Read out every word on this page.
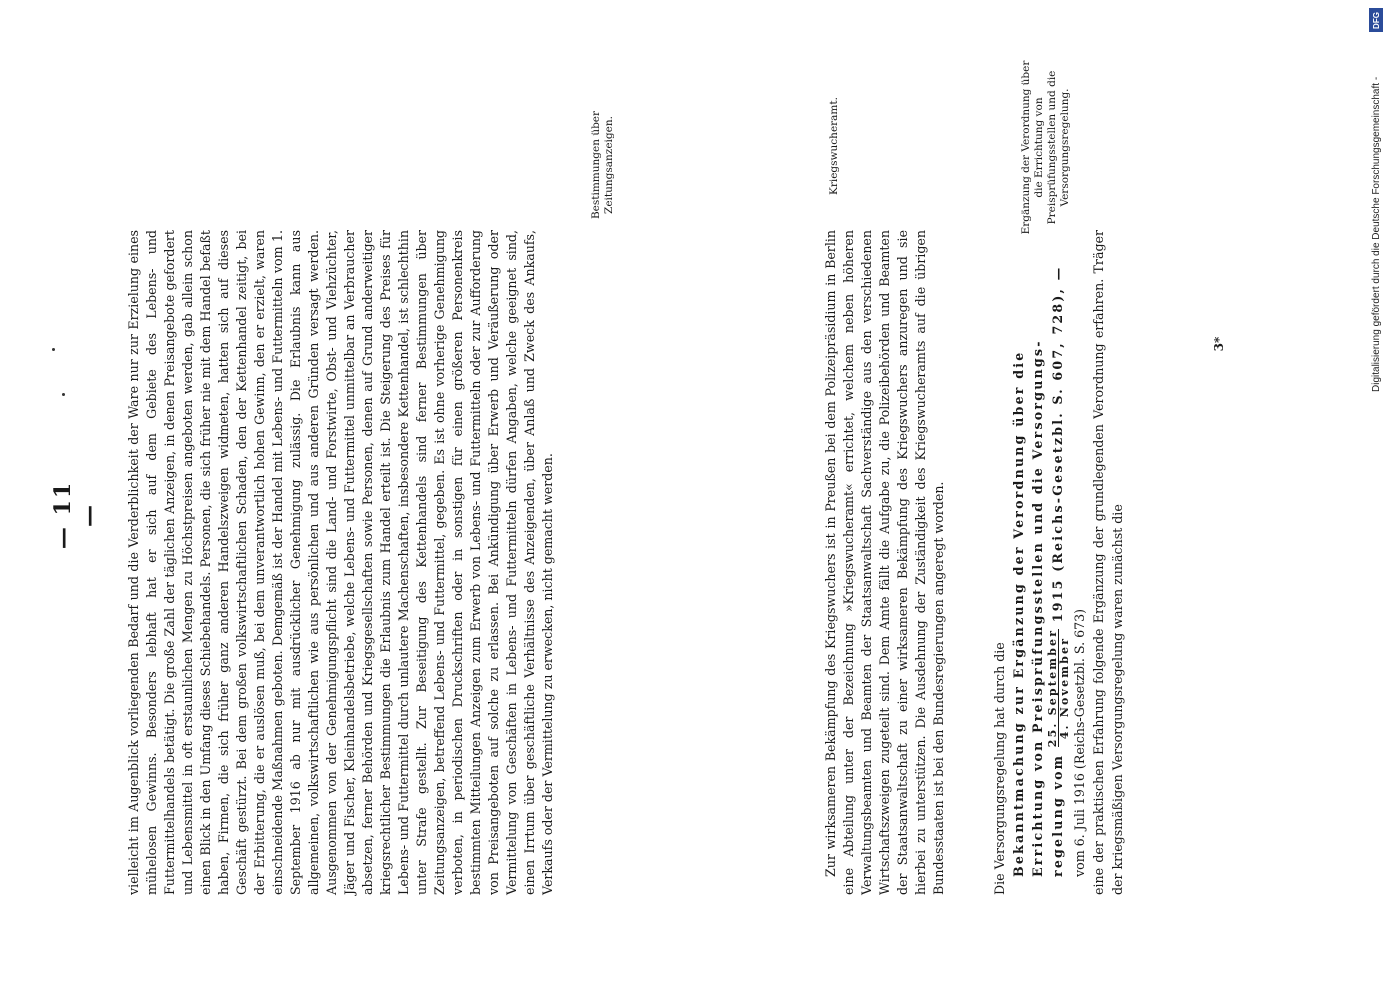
— 11 — vielleicht im Augenblick vorliegenden Bedarf und die Verderblichkeit der Ware nur zur Erzielung eines mühelosen Gewinns. Besonders lebhaft hat er sich auf dem Gebiete des Lebens- und Futtermittelhandels betätigt. Die große Zahl der täglichen Anzeigen, in denen Preisangebote gefordert und Lebensmittel in oft erstaunlichen Mengen zu Höchstpreisen angeboten werden, gab allein schon einen Blick in den Umfang dieses Schiebehandels. Personen, die sich früher nie mit dem Handel befaßt haben, Firmen, die sich früher ganz anderen Handelszweigen widmeten, hatten sich auf dieses Geschäft gestürzt. Bei dem großen volkswirtschaftlichen Schaden, den der Kettenhandel zeitigt, bei der Erbitterung, die er auslösen muß, bei dem unverantwortlich hohen Gewinn, den er erzielt, waren einschneidende Maßnahmen geboten. Demgemäß ist der Handel mit Lebens- und Futtermitteln vom 1. September 1916 ab nur mit ausdrücklicher Genehmigung zulässig. Die Erlaubnis kann aus allgemeinen, volkswirtschaftlichen wie aus persönlichen und aus anderen Gründen versagt werden. Ausgenommen von der Genehmigungspflicht sind die Land- und Forstwirte, Obst- und Viehzüchter, Jäger und Fischer, Kleinhandelsbetriebe, welche Lebens- und Futtermittel unmittelbar an Verbraucher absetzen, ferner Behörden und Kriegsgesellschaften sowie Personen, denen auf Grund anderweitiger kriegsrechtlicher Bestimmungen die Erlaubnis zum Handel erteilt ist. Die Steigerung des Preises für Lebens- und Futtermittel durch unlautere Machenschaften, insbesondere Kettenhandel, ist schlechthin unter Strafe gestellt. Zur Beseitigung des Kettenhandels sind ferner Bestimmungen über Zeitungsanzeigen, betreffend Lebens- und Futtermittel, gegeben. Es ist ohne vorherige Genehmigung verboten, in periodischen Druckschriften oder in sonstigen für einen größeren Personenkreis bestimmten Mitteilungen Anzeigen zum Erwerb von Lebens- und Futtermitteln oder zur Aufforderung von Preisangeboten auf solche zu erlassen. Bei Ankündigung über Erwerb und Veräußerung oder Vermittelung von Geschäften in Lebens- und Futtermitteln dürfen Angaben, welche geeignet sind, einen Irrtum über geschäftliche Verhältnisse des Anzeigenden, über Anlaß und Zweck des Ankaufs, Verkaufs oder der Vermittelung zu erwecken, nicht gemacht werden.	Zur wirksameren Bekämpfung des Kriegswuchers ist in Preußen bei dem Polizeipräsidium in Berlin eine Abteilung unter der Bezeichnung »Kriegswucheramt« errichtet, welchem neben höheren Verwaltungsbeamten und Beamten der Staatsanwaltschaft Sachverständige aus den verschiedenen Wirtschaftszweigen zugeteilt sind. Dem Amte fällt die Aufgabe zu, die Polizeibehörden und Beamten der Staatsanwaltschaft zu einer wirksameren Bekämpfung des Kriegswuchers anzuregen und sie hierbei zu unterstützen. Die Ausdehnung der Zuständigkeit des Kriegswucheramts auf die übrigen Bundesstaaten ist bei den Bundesregierungen angeregt worden.	Die Versorgungsregelung hat durch die Bekanntmachung zur Ergänzung der Verordnung über die Errichtung von Preisprüfungsstellen und die Versorgungs- regelung vom
25. September 4. November
1915 (Reichs-Gesetzbl. S. 607, 728), —

vom 6. Juli 1916 (Reichs-Gesetzbl. S. 673) eine der praktischen Erfahrung folgende Ergänzung der grundlegenden Verordnung erfahren. Träger der kriegsmäßigen Versorgungsregelung waren zunächst die

Bestimmungen über Zeitungsanzeigen.	Kriegswucheramt.	Ergänzung der Verordnung über die Errichtung von Preisprüfungsstellen und die Versorgungsregelung.
3*	Digitalisierung gefördert durch die Deutsche Forschungsgemeinschaft -
DFG
